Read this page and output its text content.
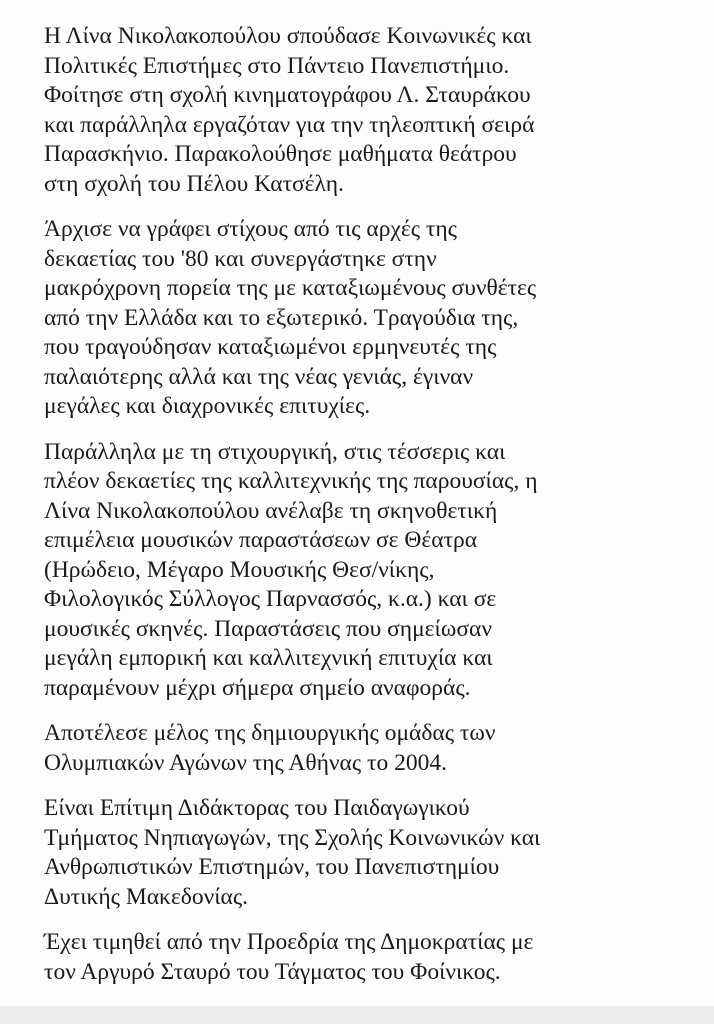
Η Λίνα Νικολακοπούλου σπούδασε Κοινωνικές και
Πολιτικές Επιστήμες στο Πάντειο Πανεπιστήμιο.
Φοίτησε στη σχολή κινηματογράφου Λ. Σταυράκου
και παράλληλα εργαζόταν για την τηλεοπτική σειρά
Παρασκήνιο. Παρακολούθησε μαθήματα θεάτρου
στη σχολή του Πέλου Κατσέλη.
Άρχισε να γράφει στίχους από τις αρχές της
δεκαετίας του '80 και συνεργάστηκε στην
μακρόχρονη πορεία της με καταξιωμένους συνθέτες
από την Ελλάδα και το εξωτερικό. Τραγούδια της,
που τραγούδησαν καταξιωμένοι ερμηνευτές της
παλαιότερης αλλά και της νέας γενιάς, έγιναν
μεγάλες και διαχρονικές επιτυχίες.
Παράλληλα με τη στιχουργική, στις τέσσερις και
πλέον δεκαετίες της καλλιτεχνικής της παρουσίας, η
Λίνα Νικολακοπούλου ανέλαβε τη σκηνοθετική
επιμέλεια μουσικών παραστάσεων σε Θέατρα
(Ηρώδειο, Μέγαρο Μουσικής Θεσ/νίκης,
Φιλολογικός Σύλλογος Παρνασσός, κ.α.) και σε
μουσικές σκηνές. Παραστάσεις που σημείωσαν
μεγάλη εμπορική και καλλιτεχνική επιτυχία και
παραμένουν μέχρι σήμερα σημείο αναφοράς.
Αποτέλεσε μέλος της δημιουργικής ομάδας των
Ολυμπιακών Αγώνων της Αθήνας το 2004.
Είναι Επίτιμη Διδάκτορας του Παιδαγωγικού
Τμήματος Νηπιαγωγών, της Σχολής Κοινωνικών και
Ανθρωπιστικών Επιστημών, του Πανεπιστημίου
Δυτικής Μακεδονίας.
Έχει τιμηθεί από την Προεδρία της Δημοκρατίας με
τον Αργυρό Σταυρό του Τάγματος του Φοίνικος.
